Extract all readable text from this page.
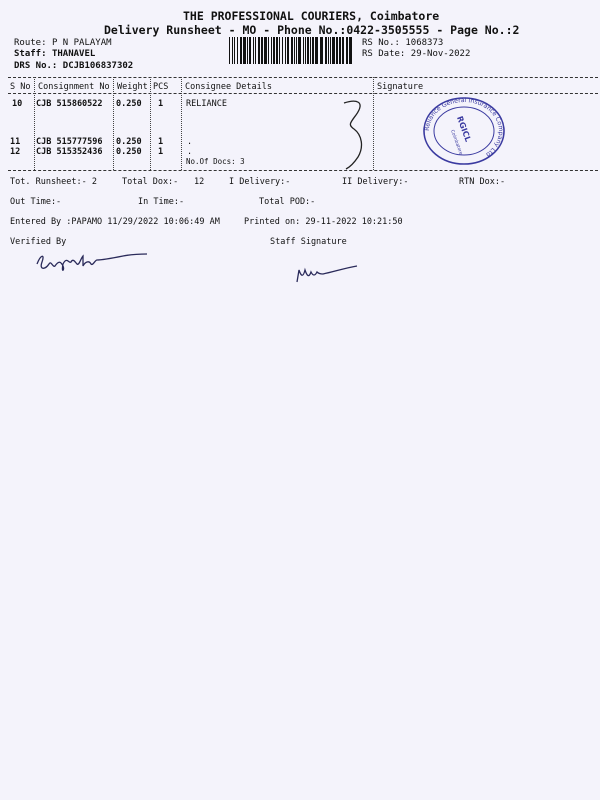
THE PROFESSIONAL COURIERS, Coimbatore
Delivery Runsheet - MO - Phone No.:0422-3505555 - Page No.:2
Route: P N PALAYAM
Staff: THANAVEL
DRS No.: DCJB106837302
RS No.: 1068373
RS Date: 29-Nov-2022
S No Consignment No Weight PCS Consignee Details	Signature
10 CJB 515860522 0.250 1	RELIANCE
11 CJB 515777596 0.250 1	.
12 CJB 515352436 0.250 1	.
No.Of Docs: 3
Reliance General Insurance Company Ltd
RGICL
Coimbatore
Tot. Runsheet:- 2	Total Dox:- 12	I Delivery:-	II Delivery:-	RTN Dox:-
Out Time:-	In Time:-	Total POD:-
Entered By :PAPAMO 11/29/2022 10:06:49 AM	Printed on: 29-11-2022 10:21:50
Verified By	Staff Signature
